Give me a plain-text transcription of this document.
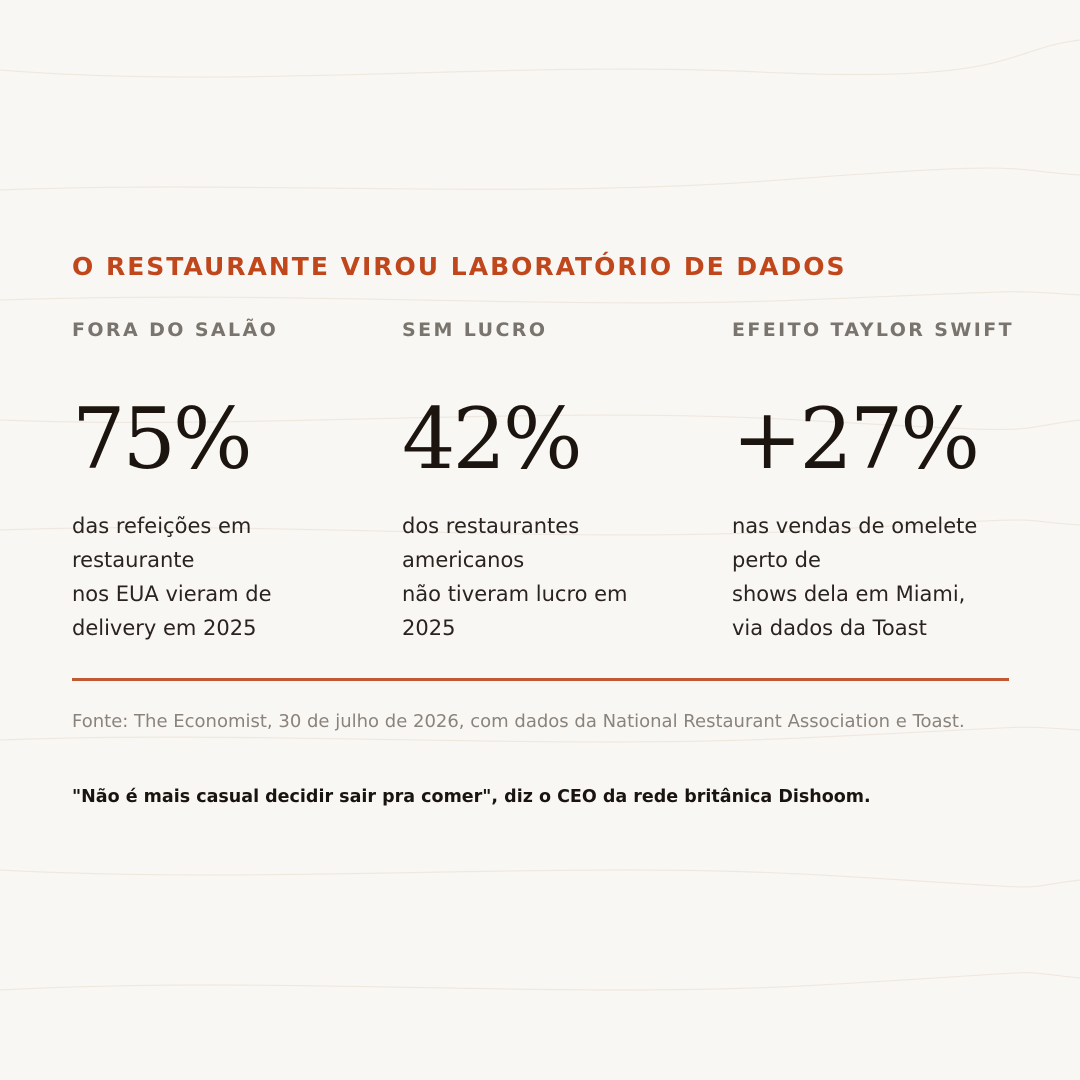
O RESTAURANTE VIROU LABORATÓRIO DE DADOS
FORA DO SALÃO
75%
das refeições em
restaurante
nos EUA vieram de
delivery em 2025
SEM LUCRO
42%
dos restaurantes
americanos
não tiveram lucro em
2025
EFEITO TAYLOR SWIFT
+27%
nas vendas de omelete
perto de
shows dela em Miami,
via dados da Toast
Fonte: The Economist, 30 de julho de 2026, com dados da National Restaurant Association e Toast.
"Não é mais casual decidir sair pra comer", diz o CEO da rede britânica Dishoom.
